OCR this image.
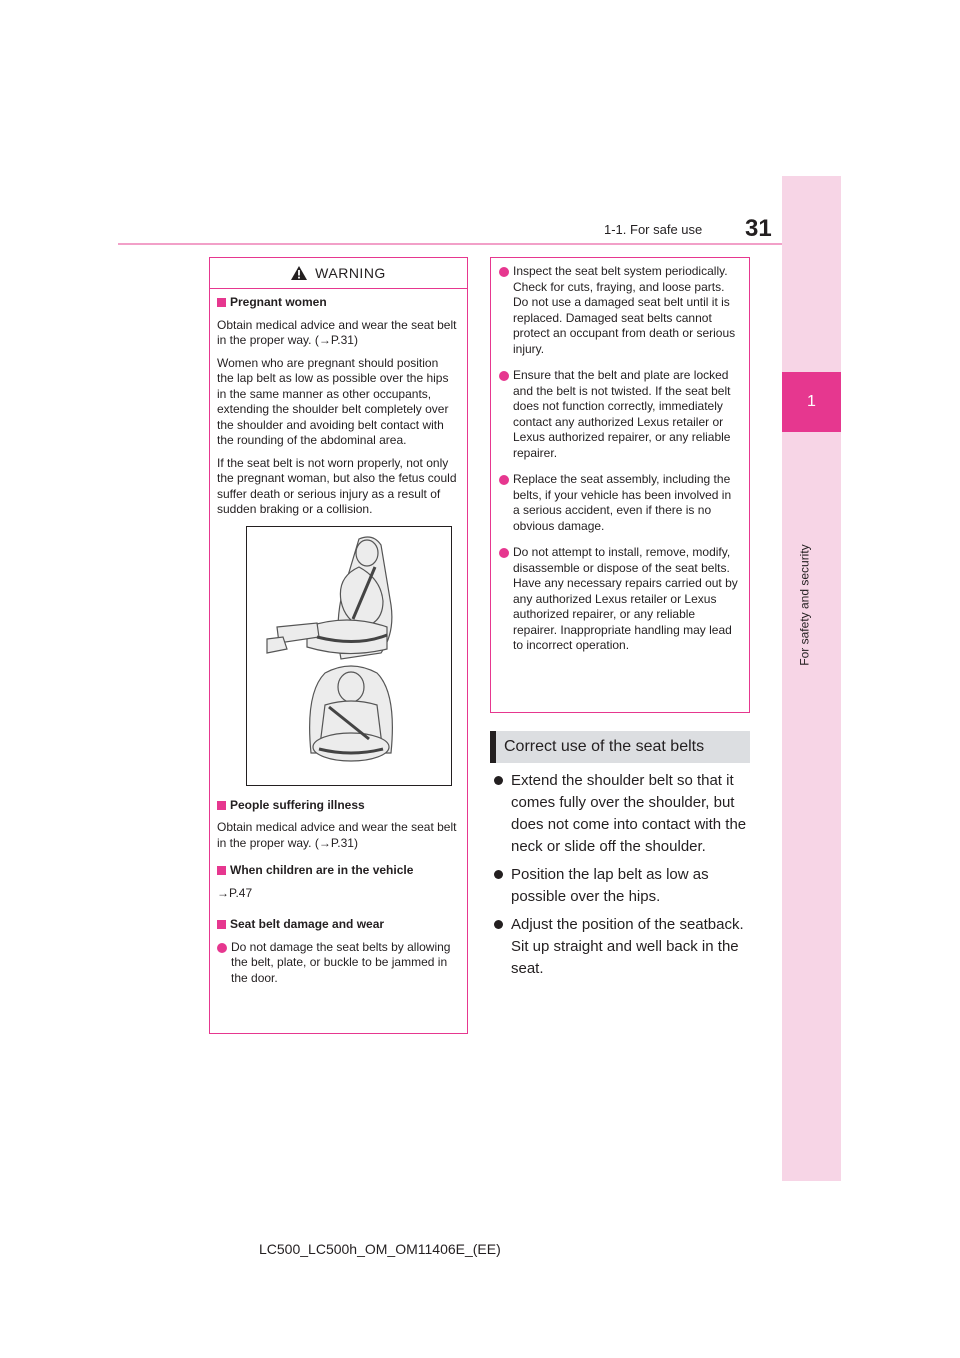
31
1-1. For safe use
1
For safety and security
WARNING
Pregnant women

Obtain medical advice and wear the seat belt in the proper way. (→P.31)

Women who are pregnant should position the lap belt as low as possible over the hips in the same manner as other occupants, extending the shoulder belt completely over the shoulder and avoiding belt contact with the rounding of the abdominal area.

If the seat belt is not worn properly, not only the pregnant woman, but also the fetus could suffer death or serious injury as a result of sudden braking or a collision.

People suffering illness

Obtain medical advice and wear the seat belt in the proper way. (→P.31)

When children are in the vehicle

→P.47

Seat belt damage and wear
Do not damage the seat belts by allowing the belt, plate, or buckle to be jammed in the door.
Inspect the seat belt system periodically. Check for cuts, fraying, and loose parts. Do not use a damaged seat belt until it is replaced. Damaged seat belts cannot protect an occupant from death or serious injury.
Ensure that the belt and plate are locked and the belt is not twisted. If the seat belt does not function correctly, immediately contact any authorized Lexus retailer or Lexus authorized repairer, or any reliable repairer.
Replace the seat assembly, including the belts, if your vehicle has been involved in a serious accident, even if there is no obvious damage.
Do not attempt to install, remove, modify, disassemble or dispose of the seat belts. Have any necessary repairs carried out by any authorized Lexus retailer or Lexus authorized repairer, or any reliable repairer. Inappropriate handling may lead to incorrect operation.
Correct use of the seat belts
Extend the shoulder belt so that it comes fully over the shoulder, but does not come into contact with the neck or slide off the shoulder.
Position the lap belt as low as possible over the hips.
Adjust the position of the seatback. Sit up straight and well back in the seat.
LC500_LC500h_OM_OM11406E_(EE)
